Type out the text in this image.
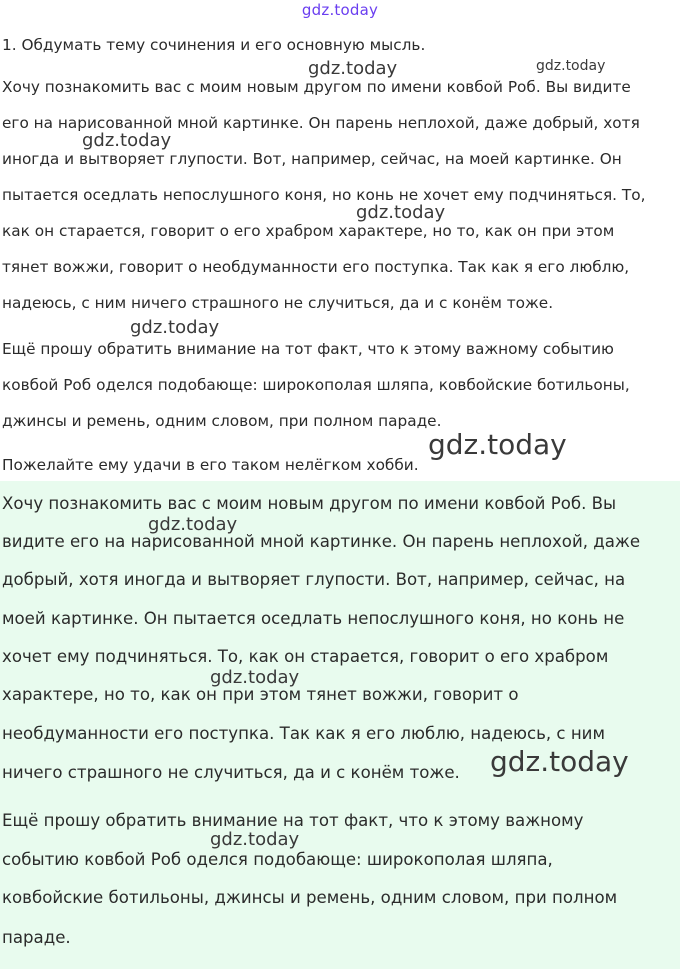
gdz.today
1. Обдумать тему сочинения и его основную мысль.
Хочу познакомить вас с моим новым другом по имени ковбой Роб. Вы видите
его на нарисованной мной картинке. Он парень неплохой, даже добрый, хотя
иногда и вытворяет глупости. Вот, например, сейчас, на моей картинке. Он
пытается оседлать непослушного коня, но конь не хочет ему подчиняться. То,
как он старается, говорит о его храбром характере, но то, как он при этом
тянет вожжи, говорит о необдуманности его поступка. Так как я его люблю,
надеюсь, с ним ничего страшного не случиться, да и с конём тоже.
Ещё прошу обратить внимание на тот факт, что к этому важному событию
ковбой Роб оделся подобающе: широкополая шляпа, ковбойские ботильоны,
джинсы и ремень, одним словом, при полном параде.
Пожелайте ему удачи в его таком нелёгком хобби.
Хочу познакомить вас с моим новым другом по имени ковбой Роб. Вы
видите его на нарисованной мной картинке. Он парень неплохой, даже
добрый, хотя иногда и вытворяет глупости. Вот, например, сейчас, на
моей картинке. Он пытается оседлать непослушного коня, но конь не
хочет ему подчиняться. То, как он старается, говорит о его храбром
характере, но то, как он при этом тянет вожжи, говорит о
необдуманности его поступка. Так как я его люблю, надеюсь, с ним
ничего страшного не случиться, да и с конём тоже.
Ещё прошу обратить внимание на тот факт, что к этому важному
событию ковбой Роб оделся подобающе: широкополая шляпа,
ковбойские ботильоны, джинсы и ремень, одним словом, при полном
параде.
gdz.today	gdz.today
gdz.today
gdz.today
gdz.today
gdz.today
gdz.today
gdz.today
gdz.today
gdz.today
